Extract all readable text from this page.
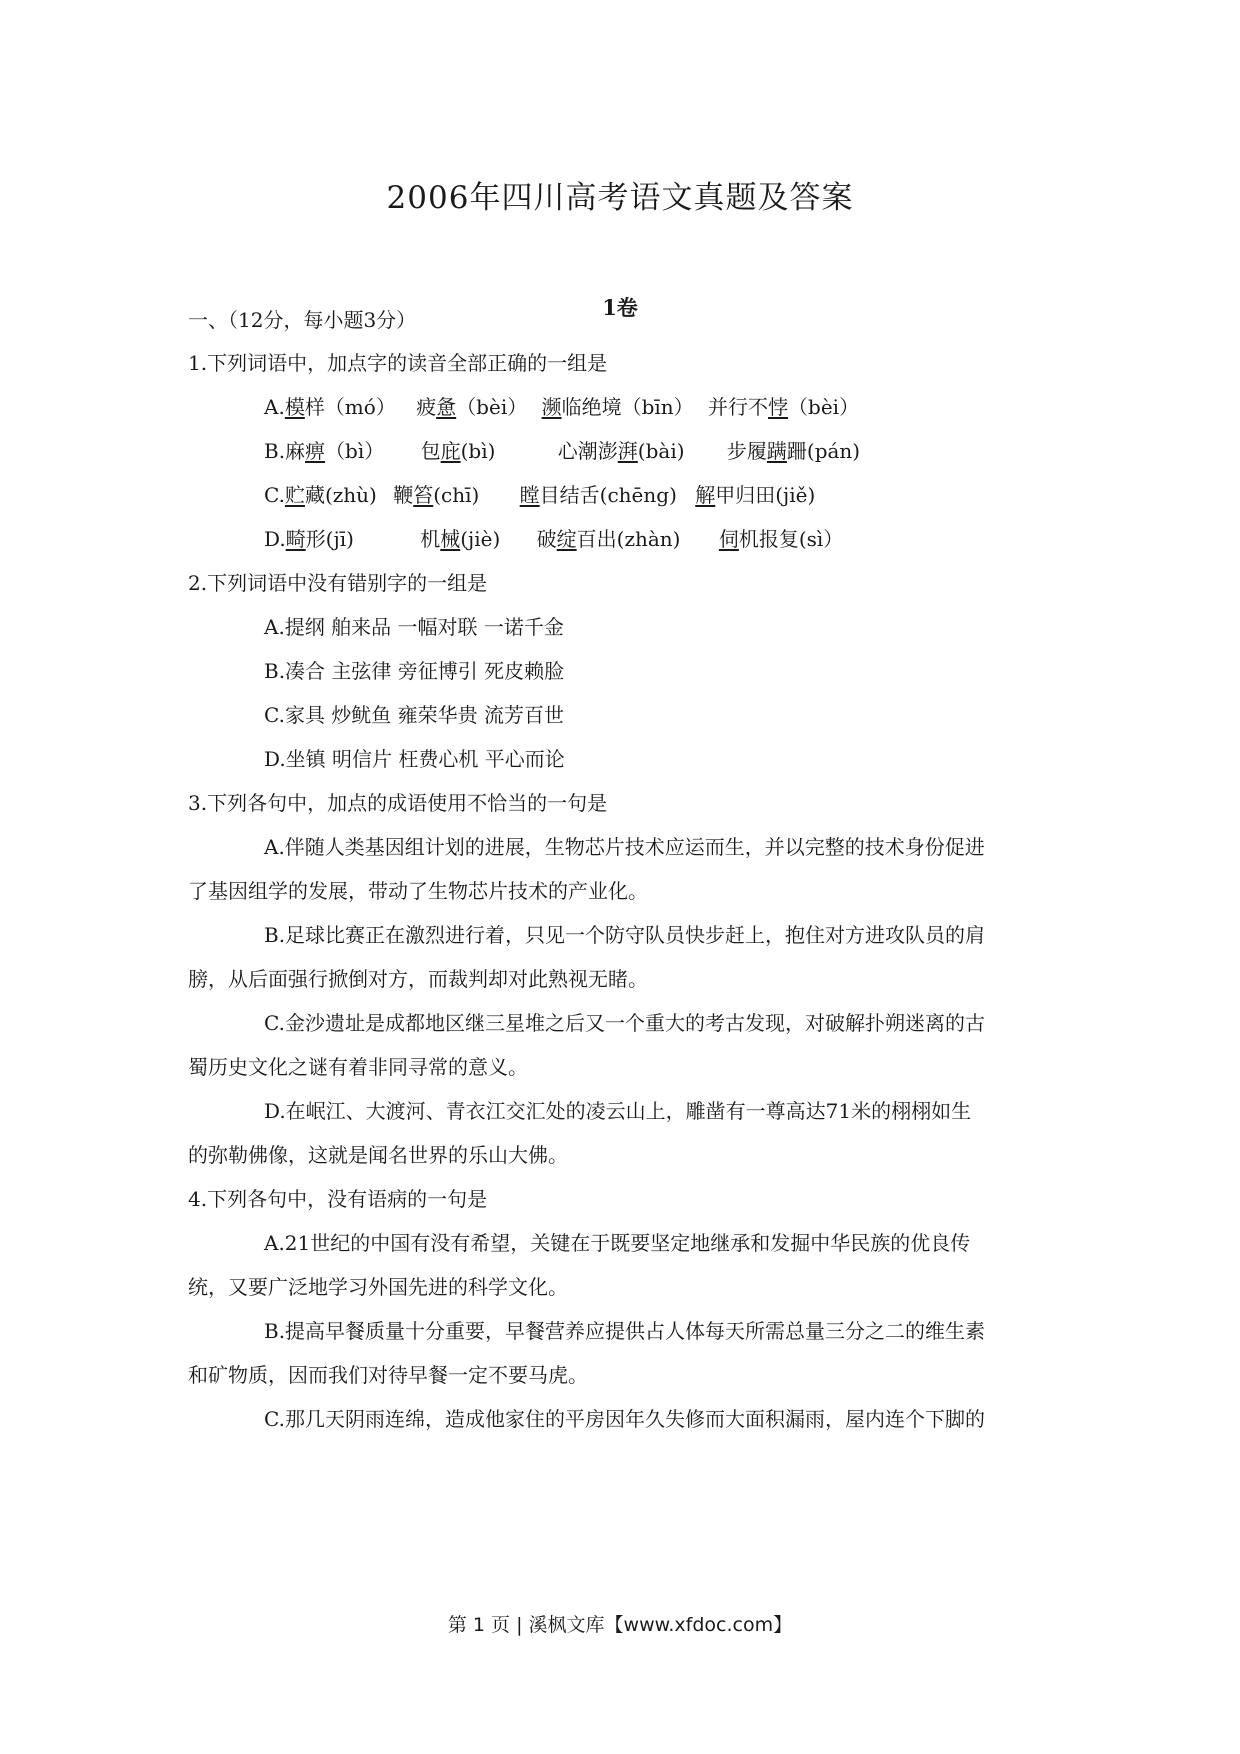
2006年四川高考语文真题及答案
1卷
一、（12分，每小题3分）
1.下列词语中，加点字的读音全部正确的一组是
A.模样（mó） 疲惫（bèi） 濒临绝境（bīn） 并行不悖（bèi）
B.麻痹（bì） 包庇(bì)	心潮澎湃(bài) 步履蹒跚(pán)
C.贮藏(zhù) 鞭笞(chī) 瞠目结舌(chēng) 解甲归田(jiě)
D.畸形(jī)	机械(jiè) 破绽百出(zhàn) 伺机报复(sì）
2.下列词语中没有错别字的一组是
A.提纲 舶来品 一幅对联 一诺千金
B.凑合 主弦律 旁征博引 死皮赖脸
C.家具 炒鱿鱼 雍荣华贵 流芳百世
D.坐镇 明信片 枉费心机 平心而论
3.下列各句中，加点的成语使用不恰当的一句是
A.伴随人类基因组计划的进展，生物芯片技术应运而生，并以完整的技术身份促进
了基因组学的发展，带动了生物芯片技术的产业化。
B.足球比赛正在激烈进行着，只见一个防守队员快步赶上，抱住对方进攻队员的肩
膀，从后面强行掀倒对方，而裁判却对此熟视无睹。
C.金沙遗址是成都地区继三星堆之后又一个重大的考古发现，对破解扑朔迷离的古
蜀历史文化之谜有着非同寻常的意义。
D.在岷江、大渡河、青衣江交汇处的凌云山上，雕凿有一尊高达71米的栩栩如生
的弥勒佛像，这就是闻名世界的乐山大佛。
4.下列各句中，没有语病的一句是
A.21世纪的中国有没有希望，关键在于既要坚定地继承和发掘中华民族的优良传
统，又要广泛地学习外国先进的科学文化。
B.提高早餐质量十分重要，早餐营养应提供占人体每天所需总量三分之二的维生素
和矿物质，因而我们对待早餐一定不要马虎。
C.那几天阴雨连绵，造成他家住的平房因年久失修而大面积漏雨，屋内连个下脚的
第 1 页 | 溪枫文库【www.xfdoc.com】
